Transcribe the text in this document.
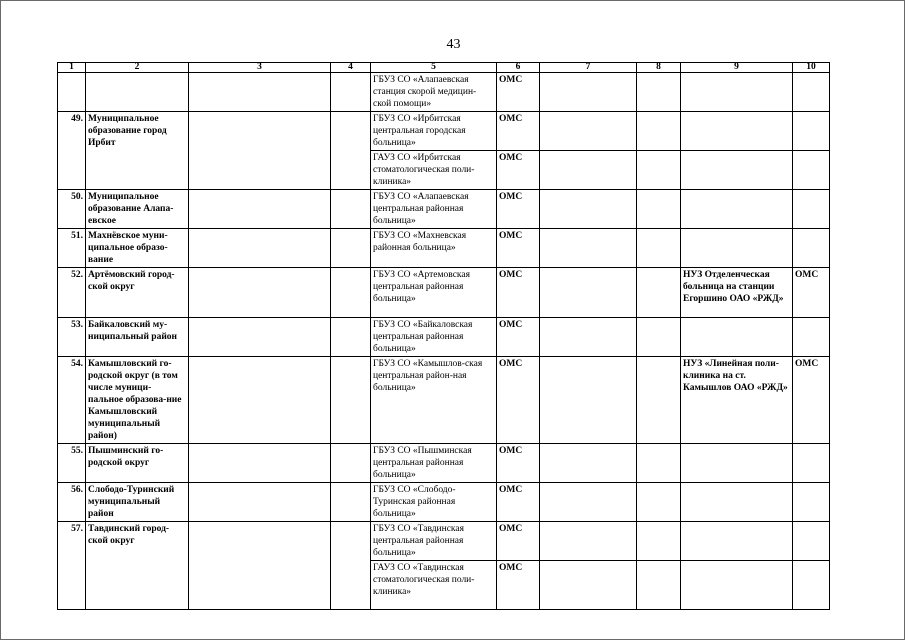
43
1	2	3	4	5	6	7	8	9	10
				ГБУЗ СО «Алапаевская станция скорой медицин-ской помощи»	ОМС				
49.	Муниципальное образование город Ирбит			ГБУЗ СО «Ирбитская центральная городская больница»	ОМС				
				ГАУЗ СО «Ирбитская стоматологическая поли-клиника»	ОМС				
50.	Муниципальное образование Алапа-евское			ГБУЗ СО «Алапаевская центральная районная больница»	ОМС				
51.	Махнёвское муни-ципальное образо-вание			ГБУЗ СО «Махневская районная больница»	ОМС				
52.	Артёмовский город-ской округ			ГБУЗ СО «Артемовская центральная районная больница»	ОМС			НУЗ Отделенческая больница на станции Егоршино ОАО «РЖД»	ОМС
53.	Байкаловский му-ниципальный район			ГБУЗ СО «Байкаловская центральная районная больница»	ОМС				
54.	Камышловский го-родской округ (в том числе муници-пальное образова-ние Камышловский муниципальный район)			ГБУЗ СО «Камышлов-ская центральная район-ная больница»	ОМС			НУЗ «Линейная поли-клиника на ст. Камышлов ОАО «РЖД»	ОМС
55.	Пышминский го-родской округ			ГБУЗ СО «Пышминская центральная районная больница»	ОМС				
56.	Слободо-Туринский муниципальный район			ГБУЗ СО «Слободо-Туринская районная больница»	ОМС				
57.	Тавдинский город-ской округ			ГБУЗ СО «Тавдинская центральная районная больница»	ОМС				
				ГАУЗ СО «Тавдинская стоматологическая поли-клиника»	ОМС				
